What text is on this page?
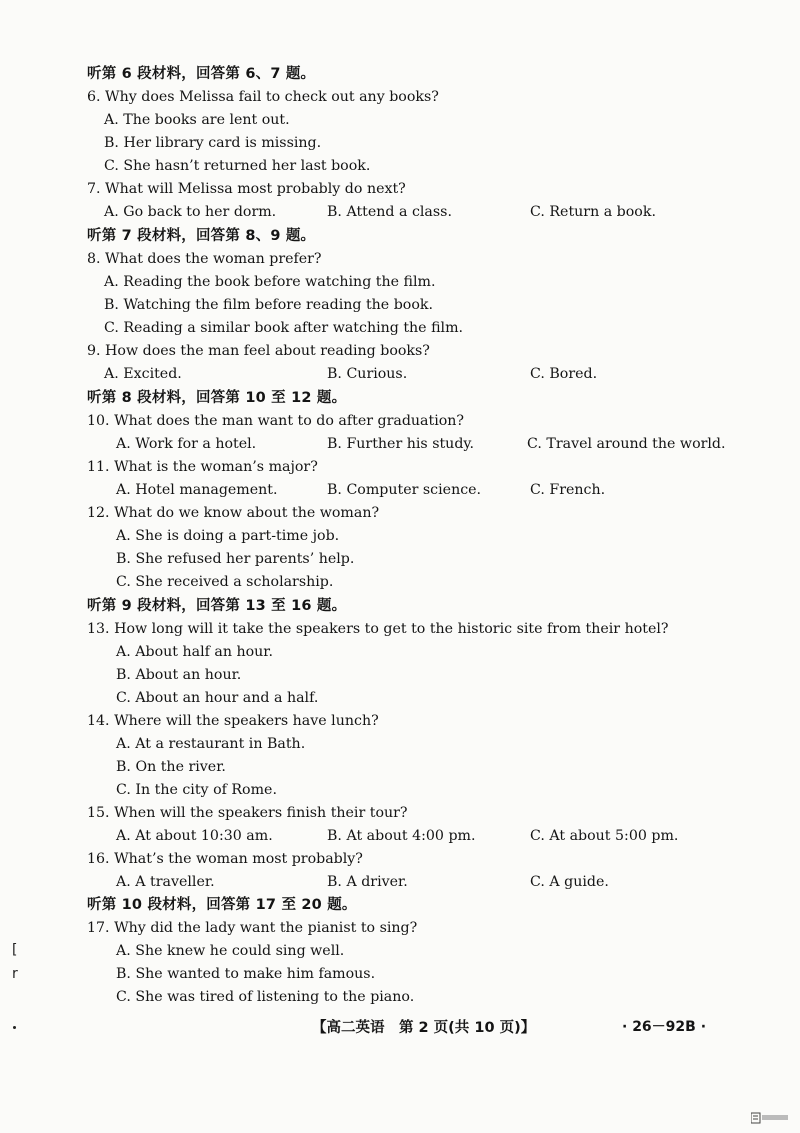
听第 6 段材料，回答第 6、7 题。
6. Why does Melissa fail to check out any books?
A. The books are lent out.
B. Her library card is missing.
C. She hasn’t returned her last book.
7. What will Melissa most probably do next?
A. Go back to her dorm.	B. Attend a class.	C. Return a book.
听第 7 段材料，回答第 8、9 题。
8. What does the woman prefer?
A. Reading the book before watching the film.
B. Watching the film before reading the book.
C. Reading a similar book after watching the film.
9. How does the man feel about reading books?
A. Excited.	B. Curious.	C. Bored.
听第 8 段材料，回答第 10 至 12 题。
10. What does the man want to do after graduation?
A. Work for a hotel.	B. Further his study.	C. Travel around the world.
11. What is the woman’s major?
A. Hotel management.	B. Computer science.	C. French.
12. What do we know about the woman?
A. She is doing a part-time job.
B. She refused her parents’ help.
C. She received a scholarship.
听第 9 段材料，回答第 13 至 16 题。
13. How long will it take the speakers to get to the historic site from their hotel?
A. About half an hour.
B. About an hour.
C. About an hour and a half.
14. Where will the speakers have lunch?
A. At a restaurant in Bath.
B. On the river.
C. In the city of Rome.
15. When will the speakers finish their tour?
A. At about 10:30 am.	B. At about 4:00 pm.	C. At about 5:00 pm.
16. What’s the woman most probably?
A. A traveller.	B. A driver.	C. A guide.
听第 10 段材料，回答第 17 至 20 题。
17. Why did the lady want the pianist to sing?
A. She knew he could sing well.
B. She wanted to make him famous.
C. She was tired of listening to the piano.
[
r
【高二英语　第 2 页(共 10 页)】	· 26－92B ·
